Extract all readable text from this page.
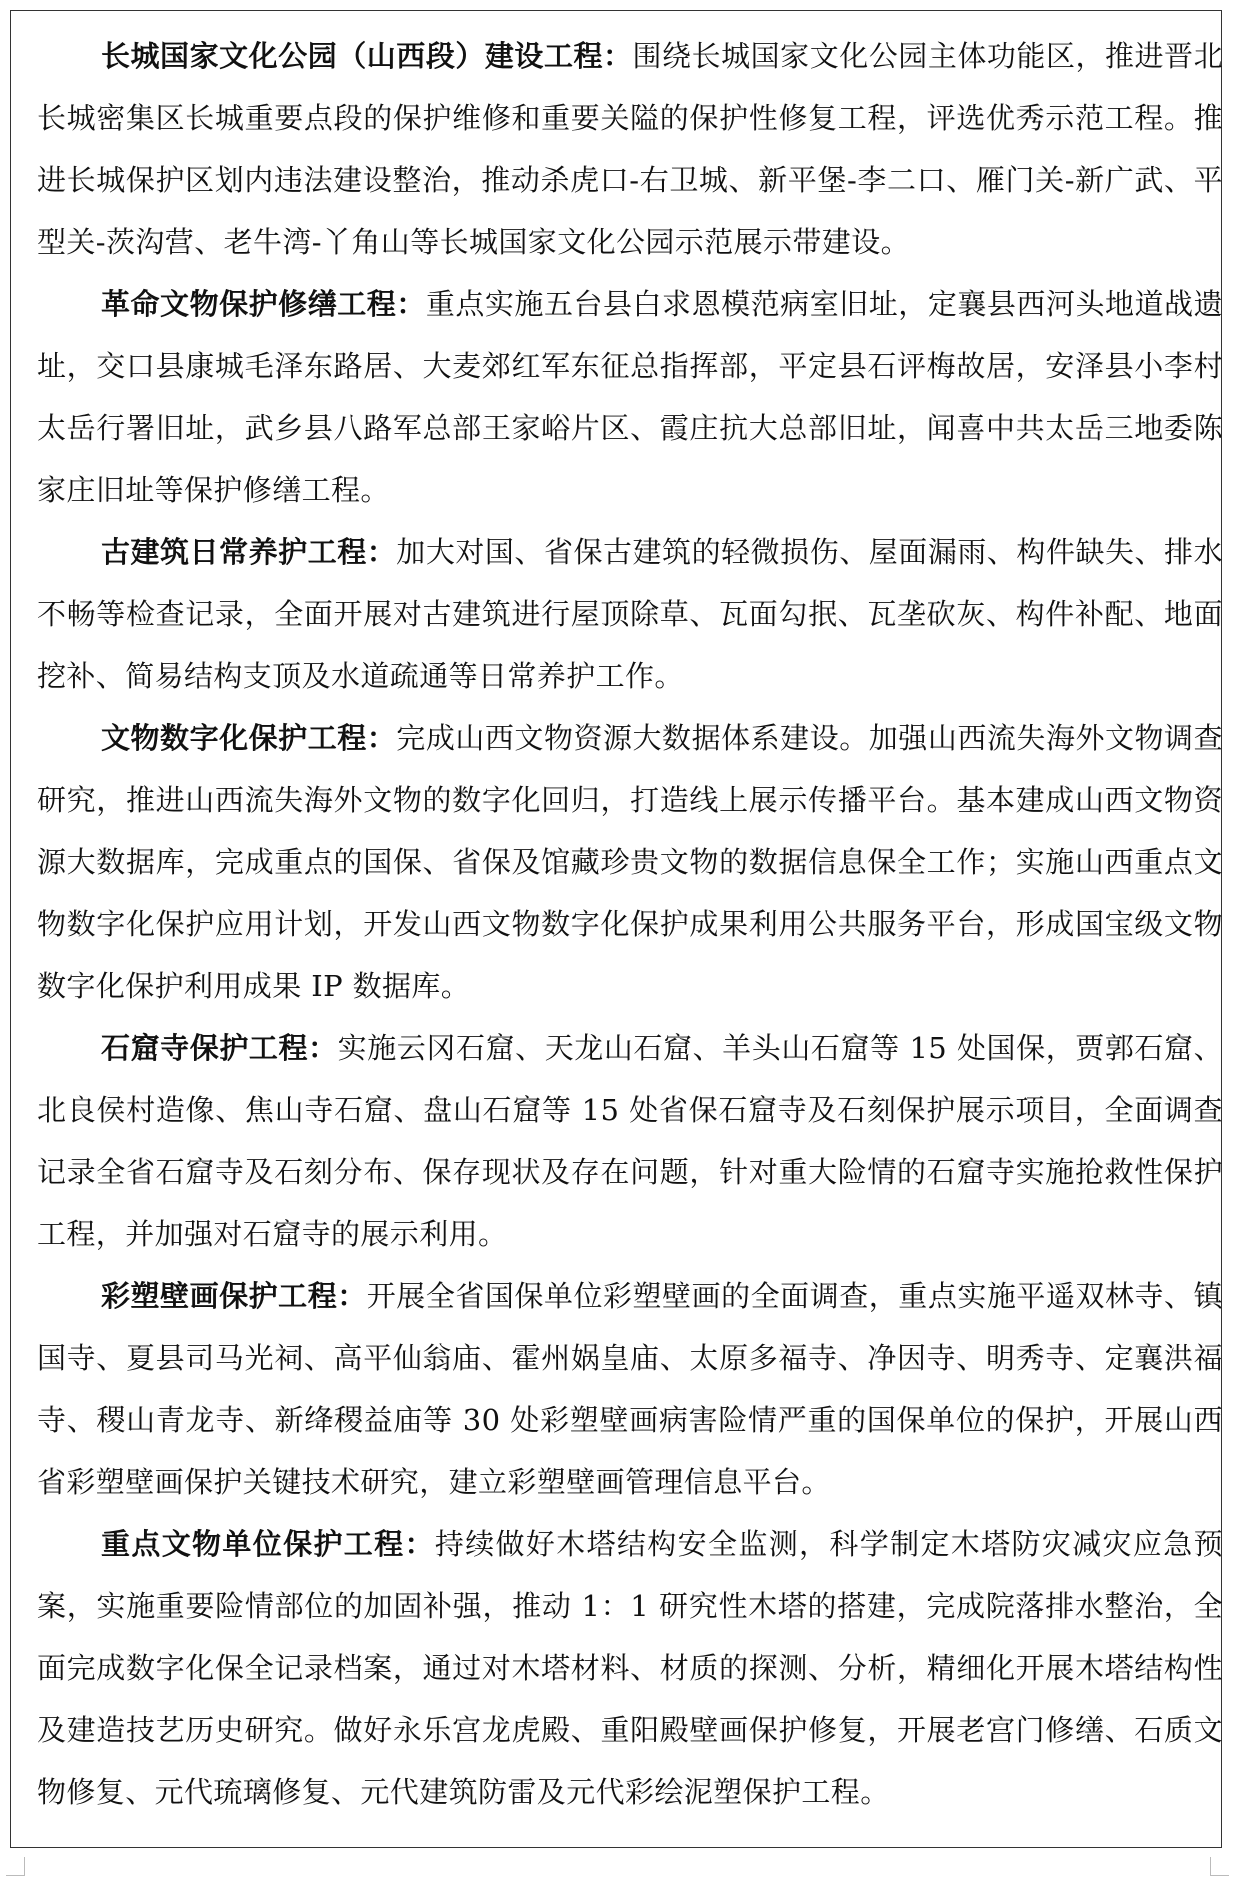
长城国家文化公园（山西段）建设工程：围绕长城国家文化公园主体功能区，推进晋北长城密集区长城重要点段的保护维修和重要关隘的保护性修复工程，评选优秀示范工程。推进长城保护区划内违法建设整治，推动杀虎口-右卫城、新平堡-李二口、雁门关-新广武、平型关-茨沟营、老牛湾-丫角山等长城国家文化公园示范展示带建设。

革命文物保护修缮工程：重点实施五台县白求恩模范病室旧址，定襄县西河头地道战遗址，交口县康城毛泽东路居、大麦郊红军东征总指挥部，平定县石评梅故居，安泽县小李村太岳行署旧址，武乡县八路军总部王家峪片区、霞庄抗大总部旧址，闻喜中共太岳三地委陈家庄旧址等保护修缮工程。

古建筑日常养护工程：加大对国、省保古建筑的轻微损伤、屋面漏雨、构件缺失、排水不畅等检查记录，全面开展对古建筑进行屋顶除草、瓦面勾抿、瓦垄砍灰、构件补配、地面挖补、简易结构支顶及水道疏通等日常养护工作。

文物数字化保护工程：完成山西文物资源大数据体系建设。加强山西流失海外文物调查研究，推进山西流失海外文物的数字化回归，打造线上展示传播平台。基本建成山西文物资源大数据库，完成重点的国保、省保及馆藏珍贵文物的数据信息保全工作；实施山西重点文物数字化保护应用计划，开发山西文物数字化保护成果利用公共服务平台，形成国宝级文物数字化保护利用成果 IP 数据库。

石窟寺保护工程：实施云冈石窟、天龙山石窟、羊头山石窟等 15 处国保，贾郭石窟、北良侯村造像、焦山寺石窟、盘山石窟等 15 处省保石窟寺及石刻保护展示项目，全面调查记录全省石窟寺及石刻分布、保存现状及存在问题，针对重大险情的石窟寺实施抢救性保护工程，并加强对石窟寺的展示利用。

彩塑壁画保护工程：开展全省国保单位彩塑壁画的全面调查，重点实施平遥双林寺、镇国寺、夏县司马光祠、高平仙翁庙、霍州娲皇庙、太原多福寺、净因寺、明秀寺、定襄洪福寺、稷山青龙寺、新绛稷益庙等 30 处彩塑壁画病害险情严重的国保单位的保护，开展山西省彩塑壁画保护关键技术研究，建立彩塑壁画管理信息平台。

重点文物单位保护工程：持续做好木塔结构安全监测，科学制定木塔防灾减灾应急预案，实施重要险情部位的加固补强，推动 1：1 研究性木塔的搭建，完成院落排水整治，全面完成数字化保全记录档案，通过对木塔材料、材质的探测、分析，精细化开展木塔结构性及建造技艺历史研究。做好永乐宫龙虎殿、重阳殿壁画保护修复，开展老宫门修缮、石质文物修复、元代琉璃修复、元代建筑防雷及元代彩绘泥塑保护工程。
